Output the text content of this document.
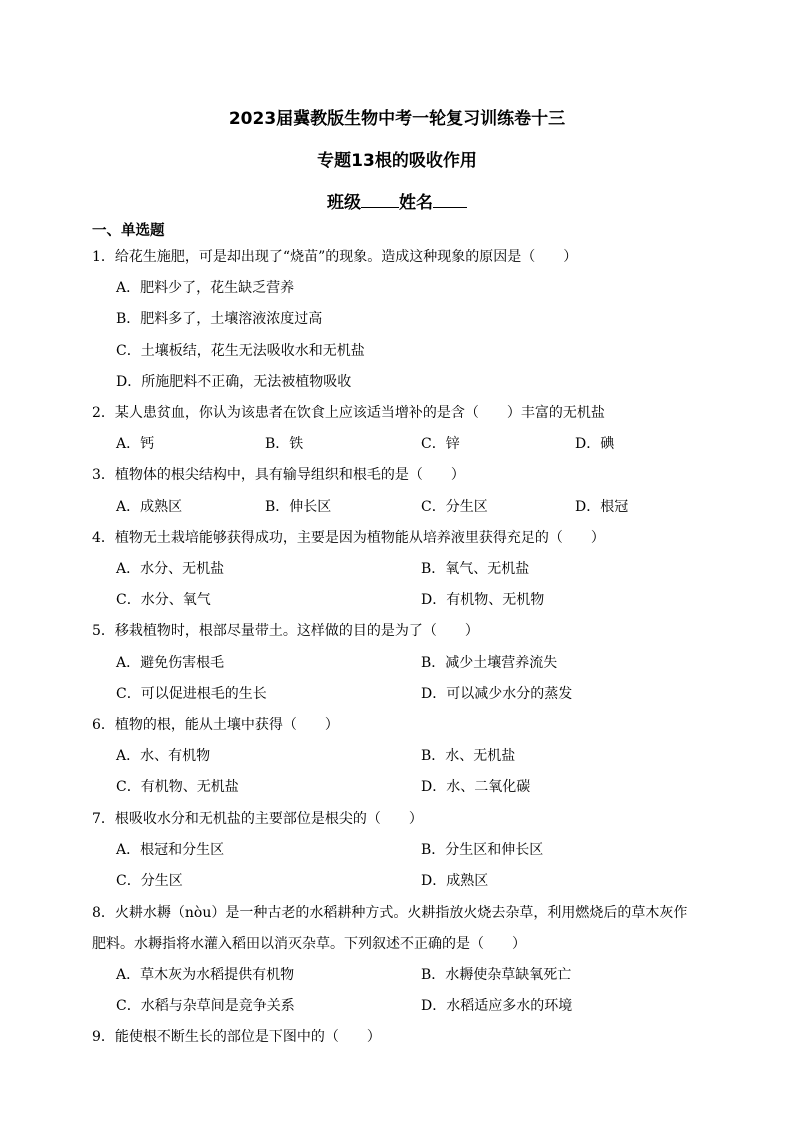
2023届冀教版生物中考一轮复习训练卷十三
专题13根的吸收作用
班级 姓名
一、单选题
1．给花生施肥，可是却出现了“烧苗”的现象。造成这种现象的原因是（　　）
A．肥料少了，花生缺乏营养
B．肥料多了，土壤溶液浓度过高
C．土壤板结，花生无法吸收水和无机盐
D．所施肥料不正确，无法被植物吸收
2．某人患贫血，你认为该患者在饮食上应该适当增补的是含（　　）丰富的无机盐
A．钙	B．铁	C．锌	D．碘
3．植物体的根尖结构中，具有输导组织和根毛的是（　　）
A．成熟区	B．伸长区	C．分生区	D．根冠
4．植物无土栽培能够获得成功，主要是因为植物能从培养液里获得充足的（　　）
A．水分、无机盐	B．氧气、无机盐
C．水分、氧气	D．有机物、无机物
5．移栽植物时，根部尽量带土。这样做的目的是为了（　　）
A．避免伤害根毛	B．减少土壤营养流失
C．可以促进根毛的生长	D．可以减少水分的蒸发
6．植物的根，能从土壤中获得（　　）
A．水、有机物	B．水、无机盐
C．有机物、无机盐	D．水、二氧化碳
7．根吸收水分和无机盐的主要部位是根尖的（　　）
A．根冠和分生区	B．分生区和伸长区
C．分生区	D．成熟区
8．火耕水耨（nòu）是一种古老的水稻耕种方式。火耕指放火烧去杂草，利用燃烧后的草木灰作
肥料。水耨指将水灌入稻田以消灭杂草。下列叙述不正确的是（　　）
A．草木灰为水稻提供有机物	B．水耨使杂草缺氧死亡
C．水稻与杂草间是竞争关系	D．水稻适应多水的环境
9．能使根不断生长的部位是下图中的（　　）
